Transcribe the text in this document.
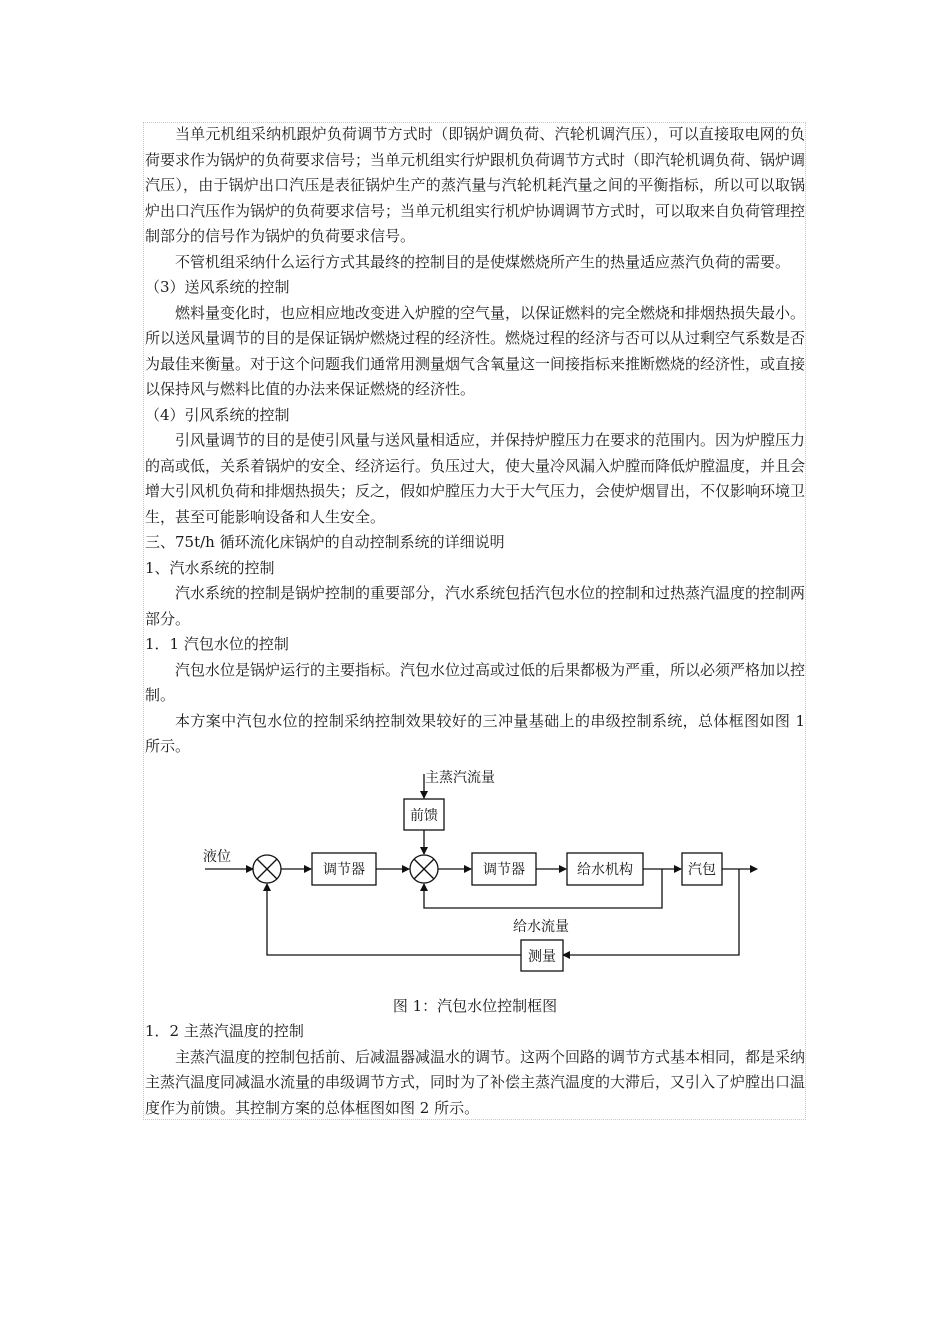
当单元机组采纳机跟炉负荷调节方式时（即锅炉调负荷、汽轮机调汽压），可以直接取电网的负荷要求作为锅炉的负荷要求信号；当单元机组实行炉跟机负荷调节方式时（即汽轮机调负荷、锅炉调汽压），由于锅炉出口汽压是表征锅炉生产的蒸汽量与汽轮机耗汽量之间的平衡指标，所以可以取锅炉出口汽压作为锅炉的负荷要求信号；当单元机组实行机炉协调调节方式时，可以取来自负荷管理控制部分的信号作为锅炉的负荷要求信号。

不管机组采纳什么运行方式其最终的控制目的是使煤燃烧所产生的热量适应蒸汽负荷的需要。

（3）送风系统的控制

燃料量变化时，也应相应地改变进入炉膛的空气量，以保证燃料的完全燃烧和排烟热损失最小。所以送风量调节的目的是保证锅炉燃烧过程的经济性。燃烧过程的经济与否可以从过剩空气系数是否为最佳来衡量。对于这个问题我们通常用测量烟气含氧量这一间接指标来推断燃烧的经济性，或直接以保持风与燃料比值的办法来保证燃烧的经济性。

（4）引风系统的控制

引风量调节的目的是使引风量与送风量相适应，并保持炉膛压力在要求的范围内。因为炉膛压力的高或低，关系着锅炉的安全、经济运行。负压过大，使大量冷风漏入炉膛而降低炉膛温度，并且会增大引风机负荷和排烟热损失；反之，假如炉膛压力大于大气压力，会使炉烟冒出，不仅影响环境卫生，甚至可能影响设备和人生安全。

三、75t/h 循环流化床锅炉的自动控制系统的详细说明

1、汽水系统的控制

汽水系统的控制是锅炉控制的重要部分，汽水系统包括汽包水位的控制和过热蒸汽温度的控制两部分。

1．1 汽包水位的控制

汽包水位是锅炉运行的主要指标。汽包水位过高或过低的后果都极为严重，所以必须严格加以控制。

本方案中汽包水位的控制采纳控制效果较好的三冲量基础上的串级控制系统，总体框图如图 1 所示。

主蒸汽流量
前馈
液位
调节器	调节器	给水机构	汽包
给水流量
测量

图 1：汽包水位控制框图

1．2 主蒸汽温度的控制

主蒸汽温度的控制包括前、后减温器减温水的调节。这两个回路的调节方式基本相同，都是采纳主蒸汽温度同减温水流量的串级调节方式，同时为了补偿主蒸汽温度的大滞后，又引入了炉膛出口温度作为前馈。其控制方案的总体框图如图 2 所示。
